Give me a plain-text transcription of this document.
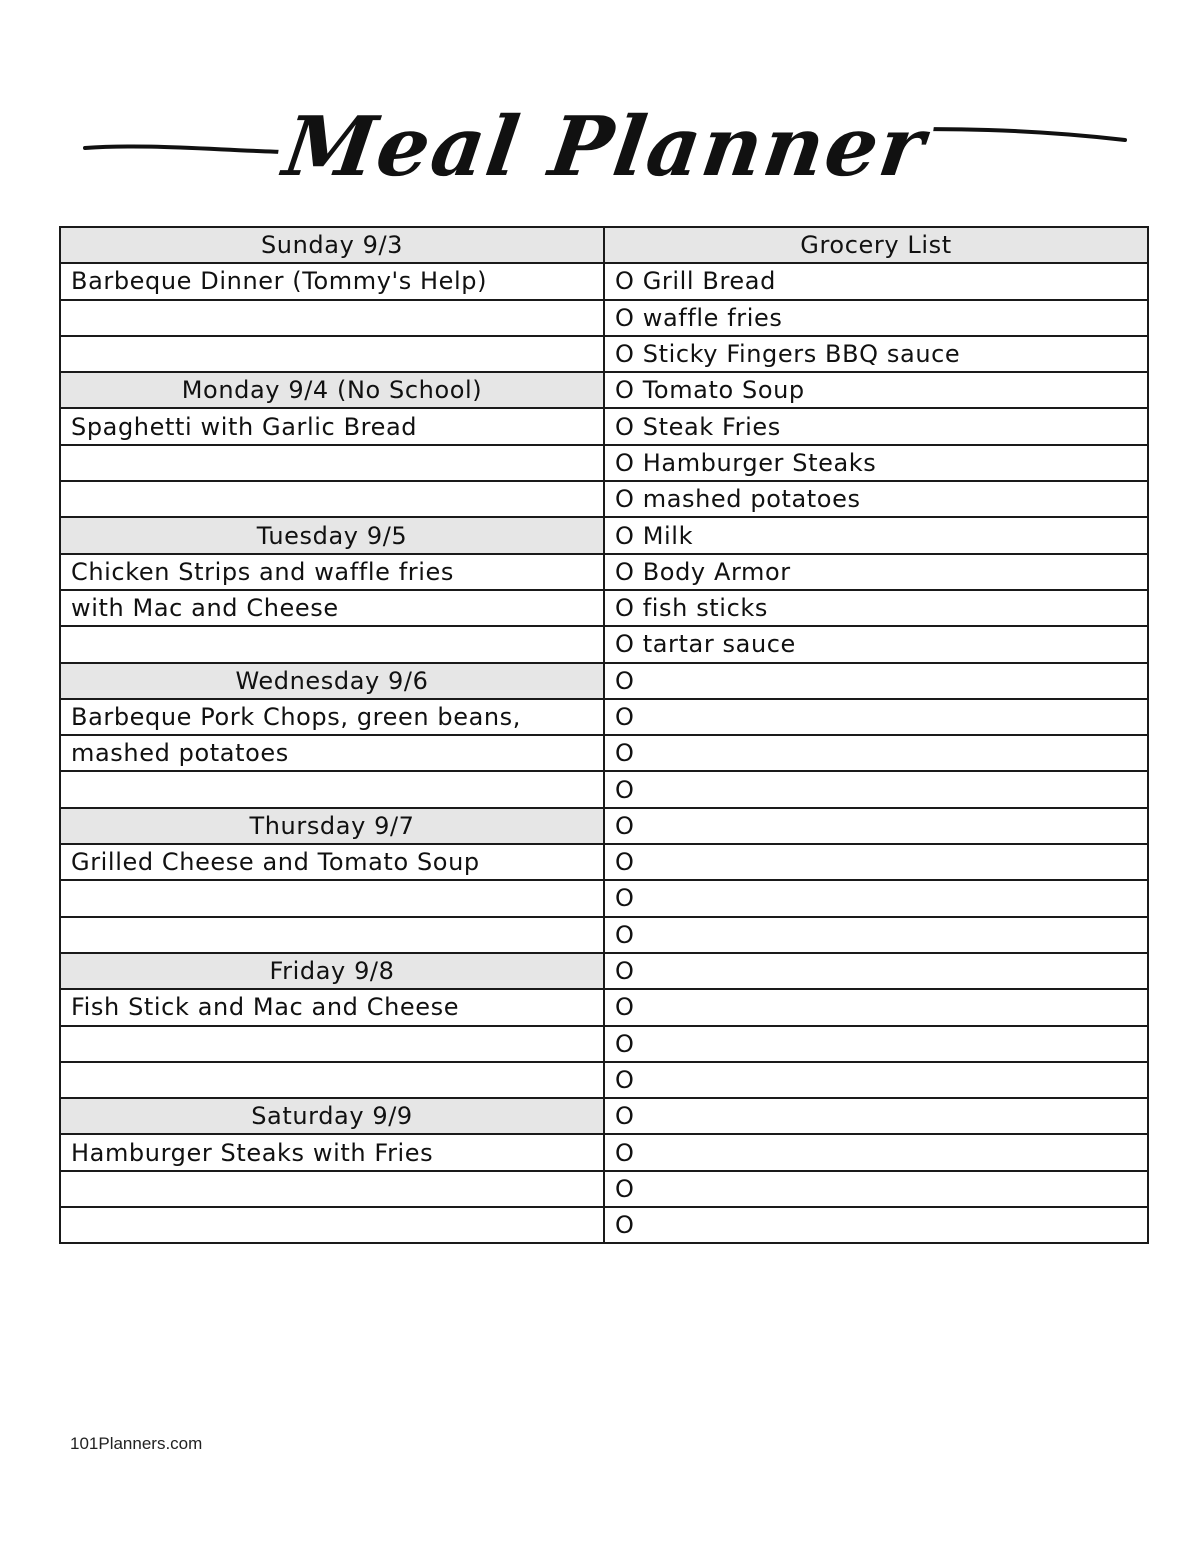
Meal Planner
Sunday 9/3	Grocery List
Barbeque Dinner (Tommy's Help)	O Grill Bread
	O waffle fries
	O Sticky Fingers BBQ sauce
Monday 9/4 (No School)	O Tomato Soup
Spaghetti with Garlic Bread	O Steak Fries
	O Hamburger Steaks
	O mashed potatoes
Tuesday 9/5	O Milk
Chicken Strips and waffle fries	O Body Armor
with Mac and Cheese	O fish sticks
	O tartar sauce
Wednesday 9/6	O
Barbeque Pork Chops, green beans,	O
mashed potatoes	O
	O
Thursday 9/7	O
Grilled Cheese and Tomato Soup	O
	O
	O
Friday 9/8	O
Fish Stick and Mac and Cheese	O
	O
	O
Saturday 9/9	O
Hamburger Steaks with Fries	O
	O
	O
101Planners.com
